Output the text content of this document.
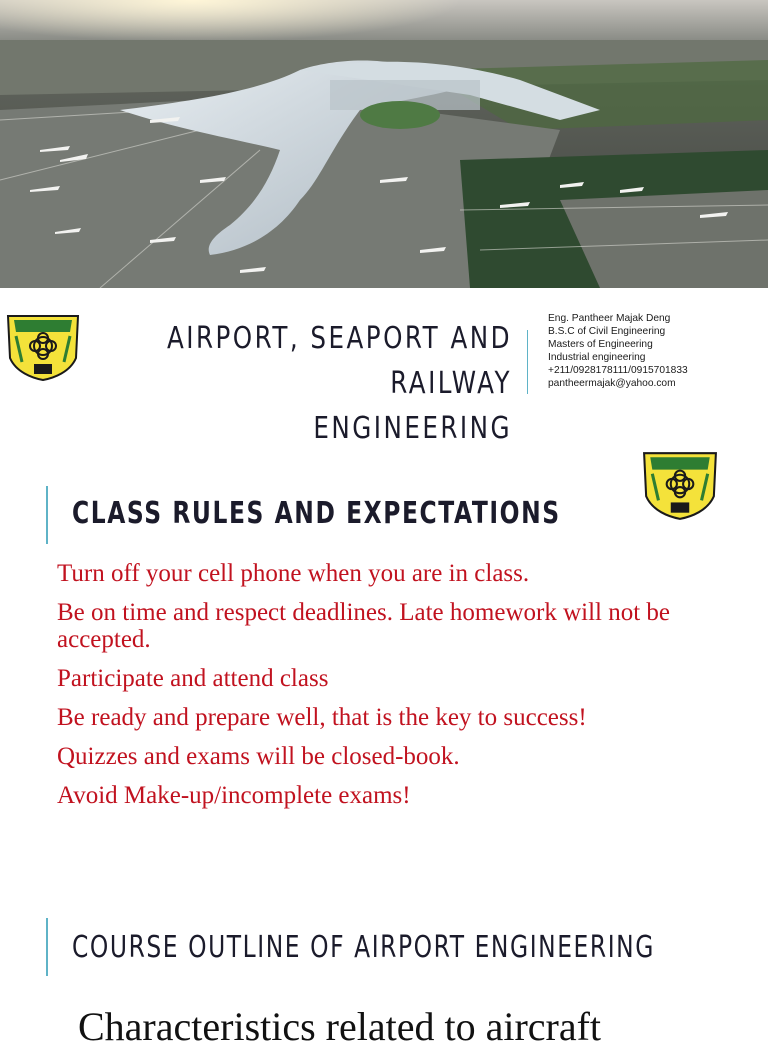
AIRPORT, SEAPORT AND RAILWAY
ENGINEERING
Eng. Pantheer Majak Deng
B.S.C of Civil Engineering
Masters of Engineering
Industrial engineering
+211/0928178111/0915701833
pantheermajak@yahoo.com
CLASS RULES AND EXPECTATIONS
Turn off your cell phone when you are in class.
Be on time and respect deadlines. Late homework will not be accepted.
Participate and attend class
Be ready and prepare well, that is the key to success!
Quizzes and exams will be closed-book.
Avoid Make-up/incomplete exams!
COURSE OUTLINE OF AIRPORT ENGINEERING
Characteristics related to aircraft
